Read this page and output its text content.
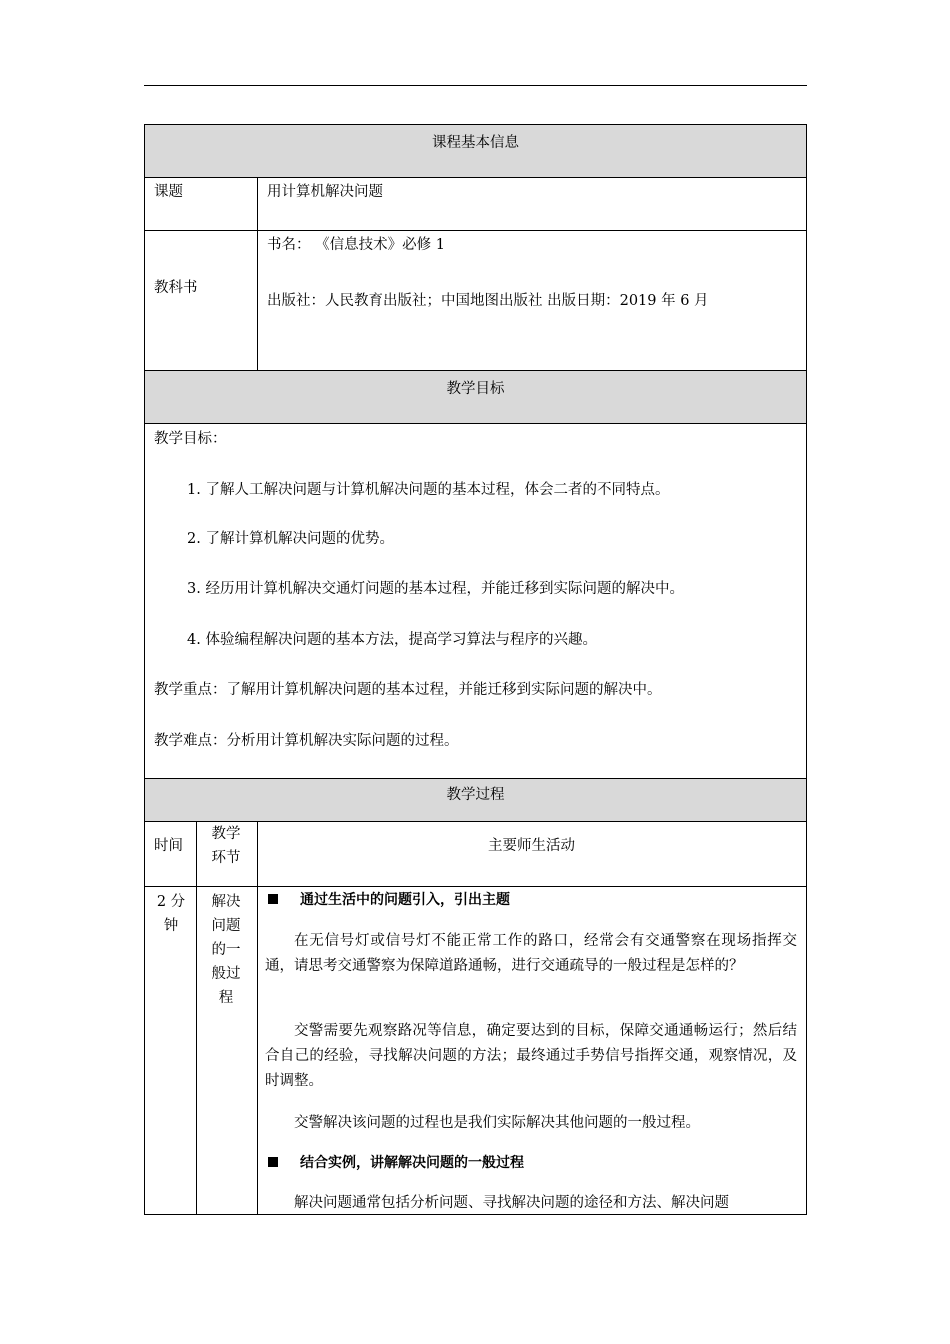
课程基本信息
课题	用计算机解决问题
教科书
书名： 《信息技术》必修 1
出版社：人民教育出版社；中国地图出版社 出版日期：2019 年 6 月
教学目标
教学目标：
1. 了解人工解决问题与计算机解决问题的基本过程，体会二者的不同特点。
2. 了解计算机解决问题的优势。
3. 经历用计算机解决交通灯问题的基本过程，并能迁移到实际问题的解决中。
4. 体验编程解决问题的基本方法，提高学习算法与程序的兴趣。
教学重点：了解用计算机解决问题的基本过程，并能迁移到实际问题的解决中。
教学难点：分析用计算机解决实际问题的过程。
教学过程
时间
教学环节
主要师生活动
2 分钟
解决问题的一般过程
通过生活中的问题引入，引出主题
在无信号灯或信号灯不能正常工作的路口，经常会有交通警察在现场指挥交通，请思考交通警察为保障道路通畅，进行交通疏导的一般过程是怎样的？
交警需要先观察路况等信息，确定要达到的目标，保障交通通畅运行；然后结合自己的经验，寻找解决问题的方法；最终通过手势信号指挥交通，观察情况，及时调整。
交警解决该问题的过程也是我们实际解决其他问题的一般过程。
结合实例，讲解解决问题的一般过程
解决问题通常包括分析问题、寻找解决问题的途径和方法、解决问题
